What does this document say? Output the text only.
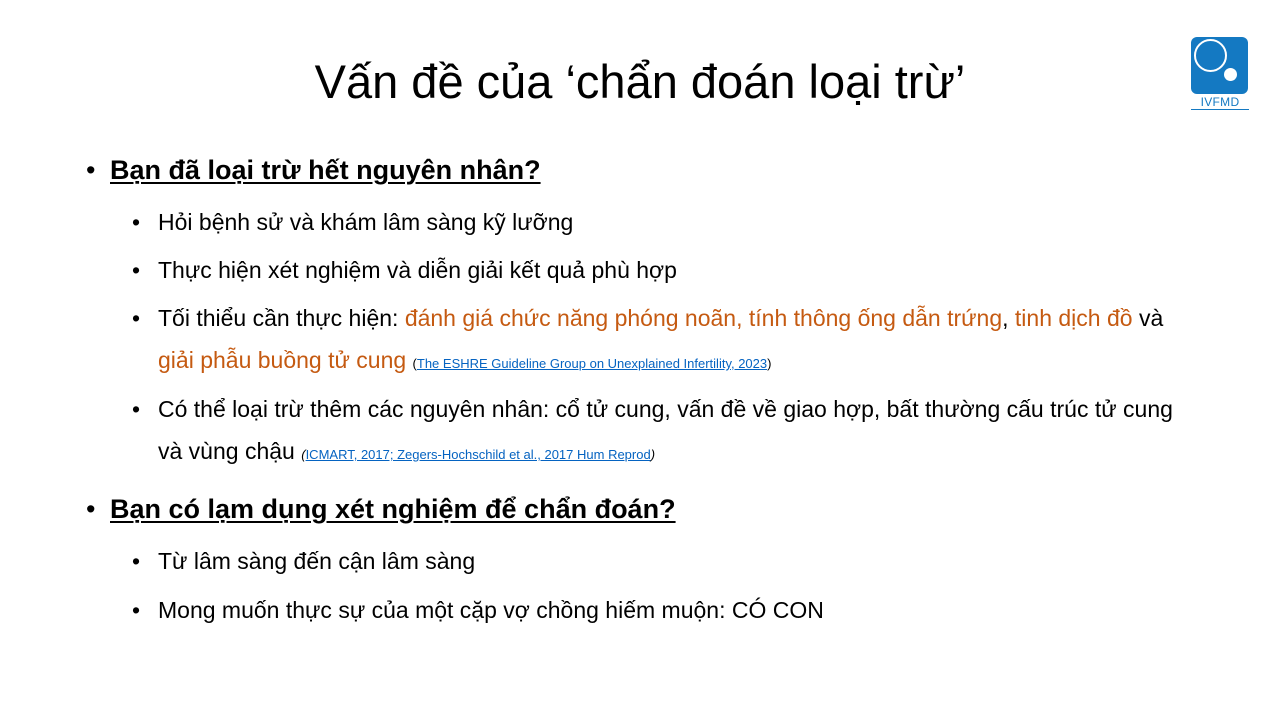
Vấn đề của ‘chẩn đoán loại trừ’	IVFMD
• Bạn đã loại trừ hết nguyên nhân?
• Hỏi bệnh sử và khám lâm sàng kỹ lưỡng
• Thực hiện xét nghiệm và diễn giải kết quả phù hợp
• Tối thiểu cần thực hiện: đánh giá chức năng phóng noãn, tính thông ống dẫn trứng, tinh dịch đồ và giải phẫu buồng tử cung (The ESHRE Guideline Group on Unexplained Infertility, 2023)
• Có thể loại trừ thêm các nguyên nhân: cổ tử cung, vấn đề về giao hợp, bất thường cấu trúc tử cung và vùng chậu (ICMART, 2017; Zegers-Hochschild et al., 2017 Hum Reprod)
• Bạn có lạm dụng xét nghiệm để chẩn đoán?
• Từ lâm sàng đến cận lâm sàng
• Mong muốn thực sự của một cặp vợ chồng hiếm muộn: CÓ CON
